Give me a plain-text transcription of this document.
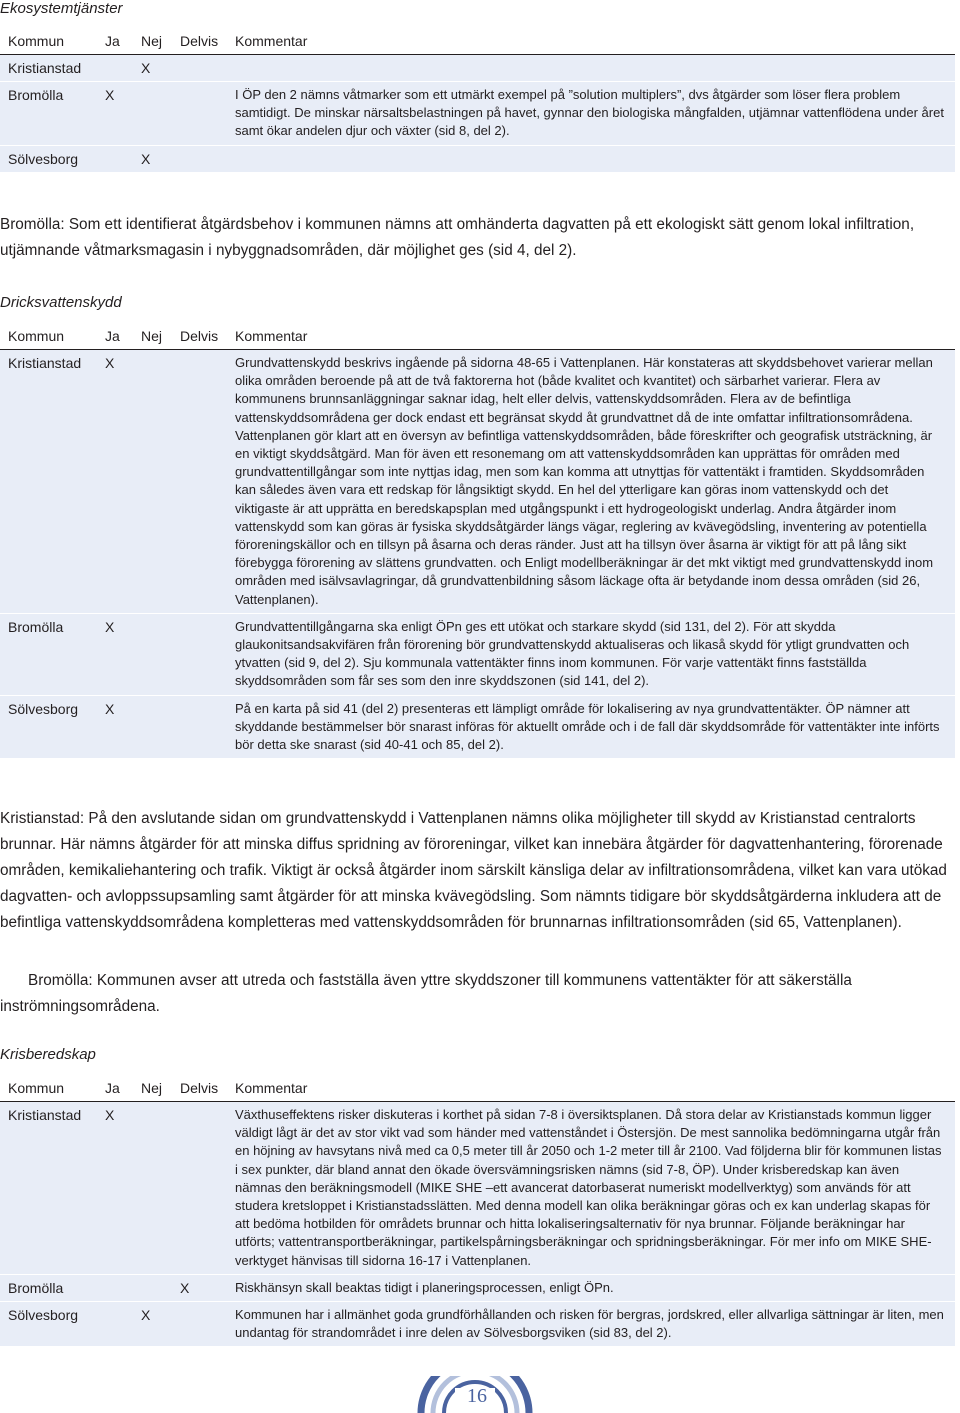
Ekosystemtjänster
Kommun	Ja	Nej	Delvis	Kommentar
Kristianstad		X		
Bromölla	X			I ÖP den 2 nämns våtmarker som ett utmärkt exempel på ”solution multiplers”, dvs åtgärder som löser flera problem samtidigt. De minskar närsaltsbelastningen på havet, gynnar den biologiska mångfalden, utjämnar vattenflödena under året samt ökar andelen djur och växter (sid 8, del 2).
Sölvesborg		X		

Bromölla: Som ett identifierat åtgärdsbehov i kommunen nämns att omhänderta dagvatten på ett ekologiskt sätt genom lokal infiltration, utjämnande våtmarksmagasin i nybyggnadsområden, där möjlighet ges (sid 4, del 2).

Dricksvattenskydd
Kommun	Ja	Nej	Delvis	Kommentar
Kristianstad	X			Grundvattenskydd beskrivs ingående på sidorna 48-65 i Vattenplanen. Här konstateras att skyddsbehovet varierar mellan olika områden beroende på att de två faktorerna hot (både kvalitet och kvantitet) och särbarhet varierar. Flera av kommunens brunnsanläggningar saknar idag, helt eller delvis, vattenskyddsområden. Flera av de befintliga vattenskyddsområdena ger dock endast ett begränsat skydd åt grundvattnet då de inte omfattar infiltrationsområdena. Vattenplanen gör klart att en översyn av befintliga vattenskyddsområden, både föreskrifter och geografisk utsträckning, är en viktigt skyddsåtgärd. Man för även ett resonemang om att vattenskyddsområden kan upprättas för områden med grundvattentillgångar som inte nyttjas idag, men som kan komma att utnyttjas för vattentäkt i framtiden. Skyddsområden kan således även vara ett redskap för långsiktigt skydd. En hel del ytterligare kan göras inom vattenskydd och det viktigaste är att upprätta en beredskapsplan med utgångspunkt i ett hydrogeologiskt underlag. Andra åtgärder inom vattenskydd som kan göras är fysiska skyddsåtgärder längs vägar, reglering av kvävegödsling, inventering av potentiella föroreningskällor och en tillsyn på åsarna och deras ränder. Just att ha tillsyn över åsarna är viktigt för att på lång sikt förebygga förorening av slättens grundvatten. och Enligt modellberäkningar är det mkt viktigt med grundvattenskydd inom områden med isälvsavlagringar, då grundvattenbildning såsom läckage ofta är betydande inom dessa områden (sid 26, Vattenplanen).
Bromölla	X			Grundvattentillgångarna ska enligt ÖPn ges ett utökat och starkare skydd (sid 131, del 2). För att skydda glaukonitsandsakvifären från förorening bör grundvattenskydd aktualiseras och likaså skydd för ytligt grundvatten och ytvatten (sid 9, del 2). Sju kommunala vattentäkter finns inom kommunen. För varje vattentäkt finns fastställda skyddsområden som får ses som den inre skyddszonen (sid 141, del 2).
Sölvesborg	X			På en karta på sid 41 (del 2) presenteras ett lämpligt område för lokalisering av nya grundvattentäkter. ÖP nämner att skyddande bestämmelser bör snarast införas för aktuellt område och i de fall där skyddsområde för vattentäkter inte införts bör detta ske snarast (sid 40-41 och 85, del 2).

Kristianstad: På den avslutande sidan om grundvattenskydd i Vattenplanen nämns olika möjligheter till skydd av Kristianstad centralorts brunnar. Här nämns åtgärder för att minska diffus spridning av föroreningar, vilket kan innebära åtgärder för dagvattenhantering, förorenade områden, kemikaliehantering och trafik. Viktigt är också åtgärder inom särskilt känsliga delar av infiltrationsområdena, vilket kan vara utökad dagvatten- och avloppssupsamling samt åtgärder för att minska kvävegödsling. Som nämnts tidigare bör skyddsåtgärderna inkludera att de befintliga vattenskyddsområdena kompletteras med vattenskyddsområden för brunnarnas infiltrationsområden (sid 65, Vattenplanen).

Bromölla: Kommunen avser att utreda och fastställa även yttre skyddszoner till kommunens vattentäkter för att säkerställa inströmningsområdena.

Krisberedskap
Kommun	Ja	Nej	Delvis	Kommentar
Kristianstad	X			Växthuseffektens risker diskuteras i korthet på sidan 7-8 i översiktsplanen. Då stora delar av Kristianstads kommun ligger väldigt lågt är det av stor vikt vad som händer med vattenståndet i Östersjön. De mest sannolika bedömningarna utgår från en höjning av havsytans nivå med ca 0,5 meter till år 2050 och 1-2 meter till år 2100. Vad följderna blir för kommunen listas i sex punkter, där bland annat den ökade översvämningsrisken nämns (sid 7-8, ÖP). Under krisberedskap kan även nämnas den beräkningsmodell (MIKE SHE –ett avancerat datorbaserat numeriskt modellverktyg) som används för att studera kretsloppet i Kristianstadsslätten. Med denna modell kan olika beräkningar göras och ex kan underlag skapas för att bedöma hotbilden för områdets brunnar och hitta lokaliseringsalternativ för nya brunnar. Följande beräkningar har utförts; vattentransportberäkningar, partikelspårningsberäkningar och spridningsberäkningar. För mer info om MIKE SHE-verktyget hänvisas till sidorna 16-17 i Vattenplanen.
Bromölla			X	Riskhänsyn skall beaktas tidigt i planeringsprocessen, enligt ÖPn.
Sölvesborg		X		Kommunen har i allmänhet goda grundförhållanden och risken för bergras, jordskred, eller allvarliga sättningar är liten, men undantag för strandområdet i inre delen av Sölvesborgsviken (sid 83, del 2).
16
